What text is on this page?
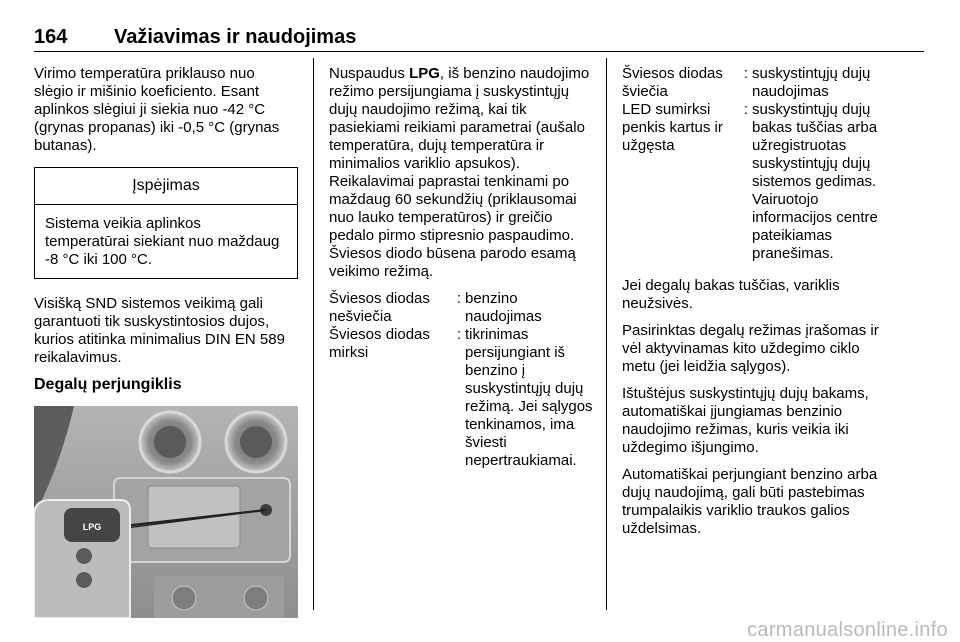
164 Važiavimas ir naudojimas

Virimo temperatūra priklauso nuo slėgio ir mišinio koeficiento. Esant aplinkos slėgiui ji siekia nuo -42 °C (grynas propanas) iki -0,5 °C (grynas butanas).

Įspėjimas
Sistema veikia aplinkos temperatūrai siekiant nuo maždaug -8 °C iki 100 °C.

Visišką SND sistemos veikimą gali garantuoti tik suskystintosios dujos, kurios atitinka minimalius DIN EN 589 reikalavimus.

Degalų perjungiklis
LPG

Nuspaudus LPG, iš benzino naudojimo režimo persijungiama į suskystintųjų dujų naudojimo režimą, kai tik pasiekiami reikiami parametrai (aušalo temperatūra, dujų temperatūra ir minimalios variklio apsukos). Reikalavimai paprastai tenkinami po maždaug 60 sekundžių (priklausomai nuo lauko temperatūros) ir greičio pedalo pirmo stipresnio paspaudimo. Šviesos diodo būsena parodo esamą veikimo režimą.

Šviesos diodas nešviečia
: benzino naudojimas
Šviesos diodas mirksi
: tikrinimas persijungiant iš benzino į suskystintųjų dujų režimą. Jei sąlygos tenkinamos, ima šviesti nepertraukiamai.
Šviesos diodas šviečia
: suskystintųjų dujų naudojimas
LED sumirksi penkis kartus ir užgęsta
: suskystintųjų dujų bakas tuščias arba užregistruotas suskystintųjų dujų sistemos gedimas. Vairuotojo informacijos centre pateikiamas pranešimas.

Jei degalų bakas tuščias, variklis neužsivės.

Pasirinktas degalų režimas įrašomas ir vėl aktyvinamas kito uždegimo ciklo metu (jei leidžia sąlygos).

Ištuštėjus suskystintųjų dujų bakams, automatiškai įjungiamas benzinio naudojimo režimas, kuris veikia iki uždegimo išjungimo.

Automatiškai perjungiant benzino arba dujų naudojimą, gali būti pastebimas trumpalaikis variklio traukos galios uždelsimas.

carmanualsonline.info
